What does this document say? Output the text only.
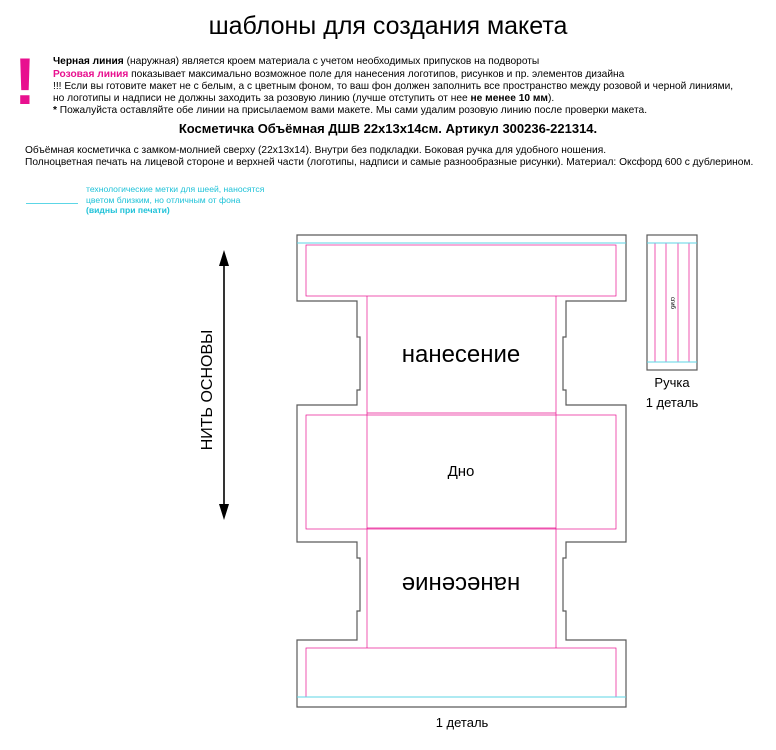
шаблоны для создания макета
! Черная линия (наружная) является кроем материала с учетом необходимых припусков на подвороты
Розовая линия показывает максимально возможное поле для нанесения логотипов, рисунков и пр. элементов дизайна
!!! Если вы готовите макет не с белым, а с цветным фоном, то ваш фон должен заполнить все пространство между розовой и черной линиями,
но логотипы и надписи не должны заходить за розовую линию (лучше отступить от нее не менее 10 мм).
* Пожалуйста оставляйте обе линии на присылаемом вами макете. Мы сами удалим розовую линию после проверки макета.
Косметичка Объёмная ДШВ 22х13х14см. Артикул 300236-221314.
Объёмная косметичка с замком-молнией сверху (22х13х14). Внутри без подкладки. Боковая ручка для удобного ношения.
Полноцветная печать на лицевой стороне и верхней части (логотипы, надписи и самые разнообразные рисунки). Материал: Оксфорд 600 с дублерином.
технологические метки для шеей, наносятся
цветом близким, но отличным от фона
(видны при печати)
НИТЬ ОСНОВЫ	нанесение
Дно
нанесение
сгиб
Ручка
1 деталь
1 деталь
